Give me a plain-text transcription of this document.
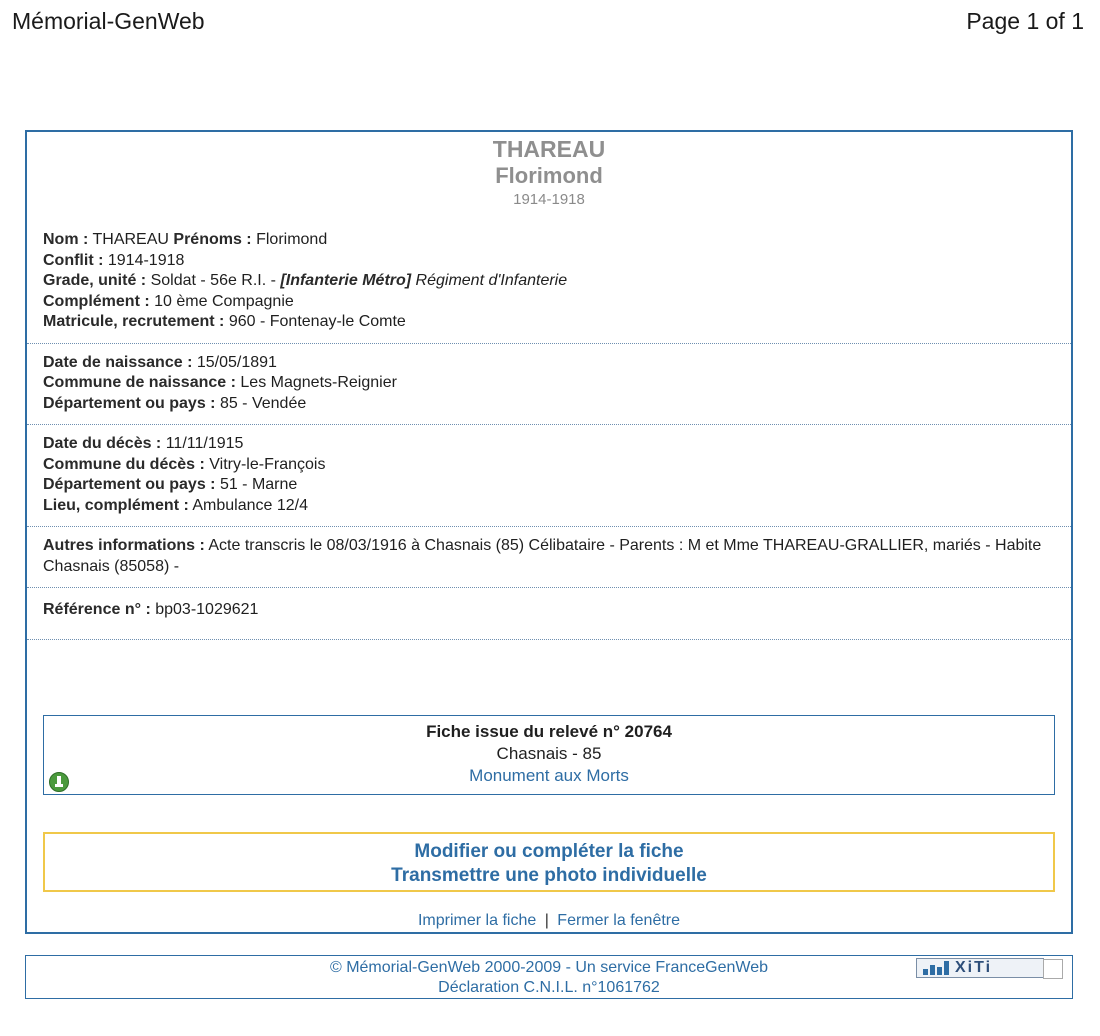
Mémorial-GenWeb	Page 1 of 1
THAREAU
Florimond
1914-1918
Nom : THAREAU Prénoms : Florimond
Conflit : 1914-1918
Grade, unité : Soldat - 56e R.I. - [Infanterie Métro] Régiment d'Infanterie
Complément : 10 ème Compagnie
Matricule, recrutement : 960 - Fontenay-le Comte
Date de naissance : 15/05/1891
Commune de naissance : Les Magnets-Reignier
Département ou pays : 85 - Vendée
Date du décès : 11/11/1915
Commune du décès : Vitry-le-François
Département ou pays : 51 - Marne
Lieu, complément : Ambulance 12/4
Autres informations : Acte transcris le 08/03/1916 à Chasnais (85) Célibataire - Parents : M et Mme THAREAU-GRALLIER, mariés - Habite Chasnais (85058) -
Référence n° : bp03-1029621
Fiche issue du relevé n° 20764
Chasnais - 85
Monument aux Morts
Modifier ou compléter la fiche
Transmettre une photo individuelle
Imprimer la fiche | Fermer la fenêtre
© Mémorial-GenWeb 2000-2009 - Un service FranceGenWeb
Déclaration C.N.I.L. n°1061762
XiTi
